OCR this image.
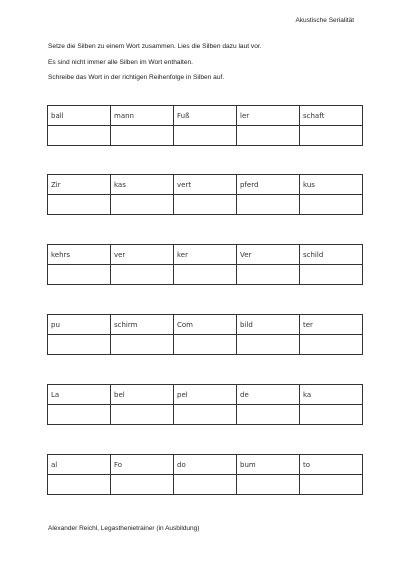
Akustische Serialität

Setze die Silben zu einem Wort zusammen. Lies die Silben dazu laut vor.

Es sind nicht immer alle Silben im Wort enthalten.

Schreibe das Wort in der richtigen Reihenfolge in Silben auf.

ball	mann	Fuß	ler	schaft

Zir	kas	vert	pferd	kus

kehrs	ver	ker	Ver	schild

pu	schirm	Com	bild	ter

La	bel	pel	de	ka

al	Fo	do	bum	to

Alexander Reichl, Legasthenietrainer (in Ausbildung)
